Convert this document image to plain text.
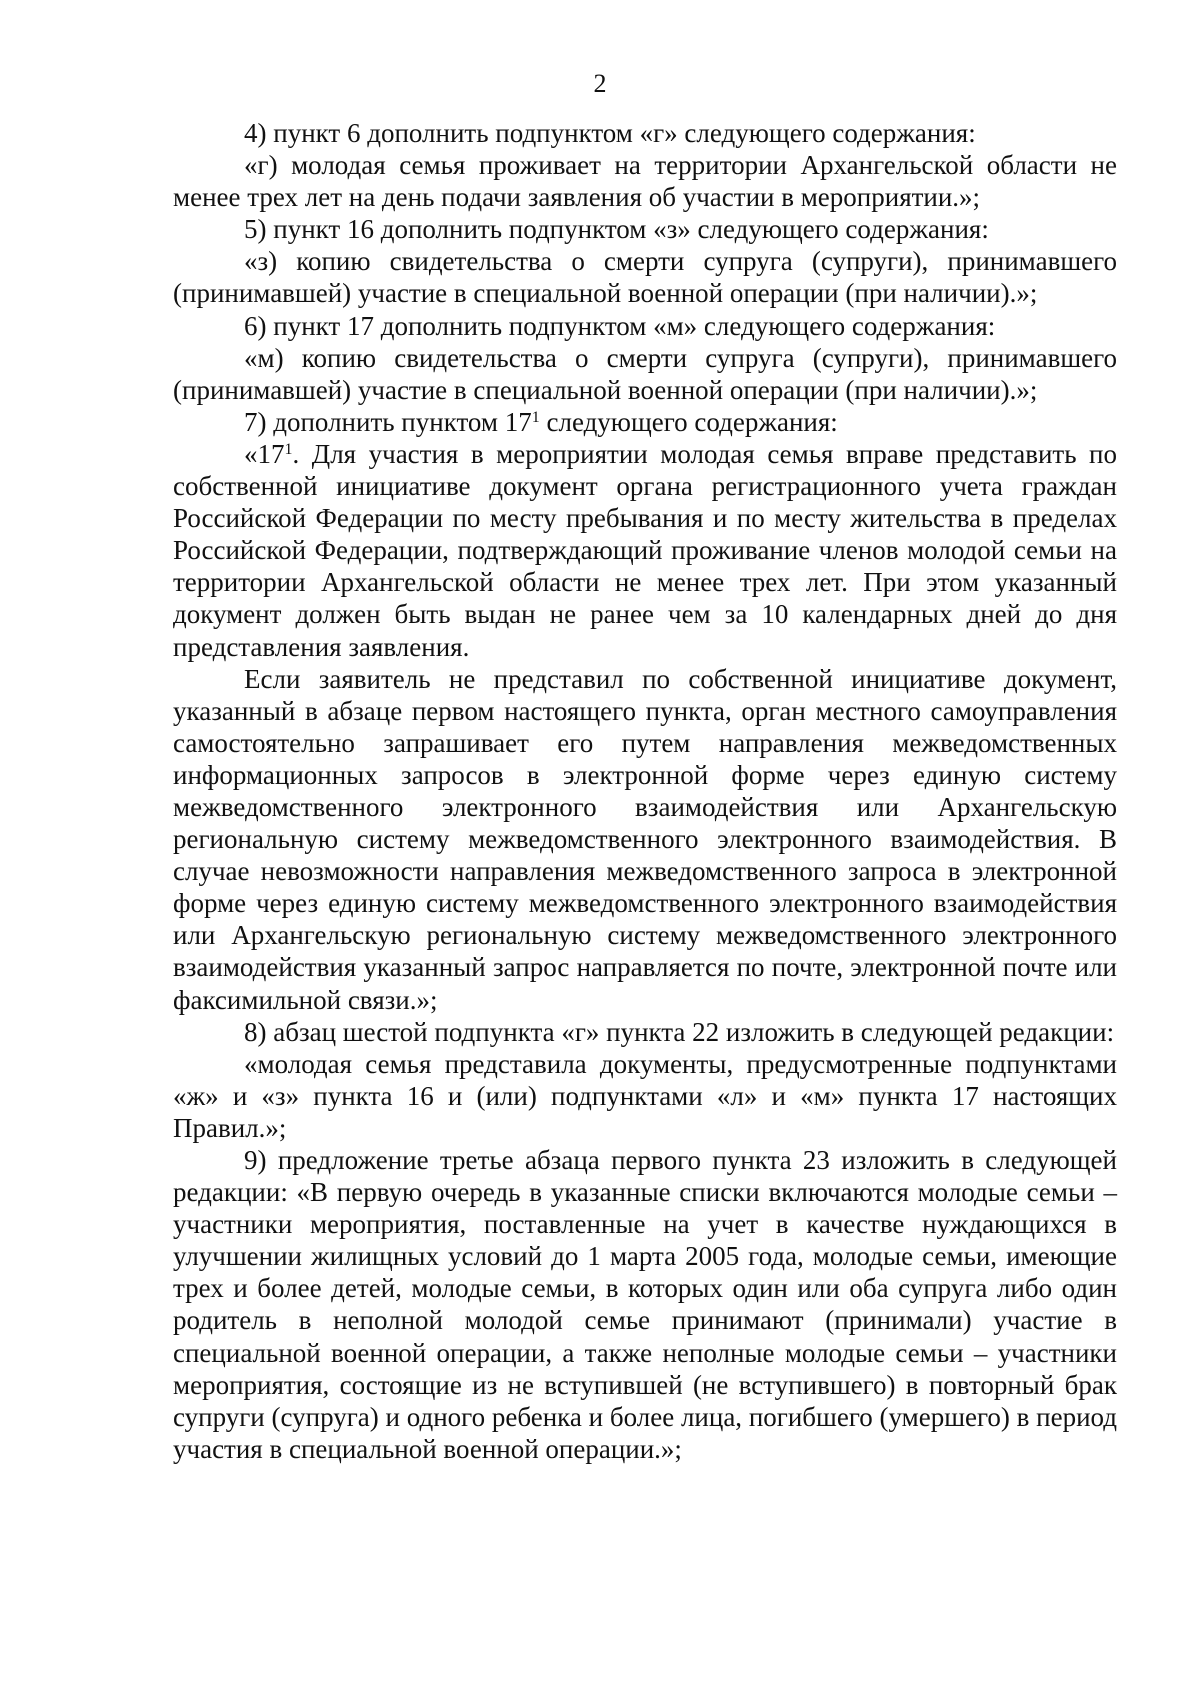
2

4) пункт 6 дополнить подпунктом «г» следующего содержания:

«г) молодая семья проживает на территории Архангельской области не менее трех лет на день подачи заявления об участии в мероприятии.»;

5) пункт 16 дополнить подпунктом «з» следующего содержания:

«з) копию свидетельства о смерти супруга (супруги), принимавшего (принимавшей) участие в специальной военной операции (при наличии).»;

6) пункт 17 дополнить подпунктом «м» следующего содержания:

«м) копию свидетельства о смерти супруга (супруги), принимавшего (принимавшей) участие в специальной военной операции (при наличии).»;

7) дополнить пунктом $17^1$ следующего содержания:

«$17^1$. Для участия в мероприятии молодая семья вправе представить по собственной инициативе документ органа регистрационного учета граждан Российской Федерации по месту пребывания и по месту жительства в пределах Российской Федерации, подтверждающий проживание членов молодой семьи на территории Архангельской области не менее трех лет. При этом указанный документ должен быть выдан не ранее чем за 10 календарных дней до дня представления заявления.

Если заявитель не представил по собственной инициативе документ, указанный в абзаце первом настоящего пункта, орган местного самоуправления самостоятельно запрашивает его путем направления межведомственных информационных запросов в электронной форме через единую систему межведомственного электронного взаимодействия или Архангельскую региональную систему межведомственного электронного взаимодействия. В случае невозможности направления межведомственного запроса в электронной форме через единую систему межведомственного электронного взаимодействия или Архангельскую региональную систему межведомственного электронного взаимодействия указанный запрос направляется по почте, электронной почте или факсимильной связи.»;

8) абзац шестой подпункта «г» пункта 22 изложить в следующей редакции:

«молодая семья представила документы, предусмотренные подпунктами «ж» и «з» пункта 16 и (или) подпунктами «л» и «м» пункта 17 настоящих Правил.»;

9) предложение третье абзаца первого пункта 23 изложить в следующей редакции: «В первую очередь в указанные списки включаются молодые семьи – участники мероприятия, поставленные на учет в качестве нуждающихся в улучшении жилищных условий до 1 марта 2005 года, молодые семьи, имеющие трех и более детей, молодые семьи, в которых один или оба супруга либо один родитель в неполной молодой семье принимают (принимали) участие в специальной военной операции, а также неполные молодые семьи – участники мероприятия, состоящие из не вступившей (не вступившего) в повторный брак супруги (супруга) и одного ребенка и более лица, погибшего (умершего) в период участия в специальной военной операции.»;
